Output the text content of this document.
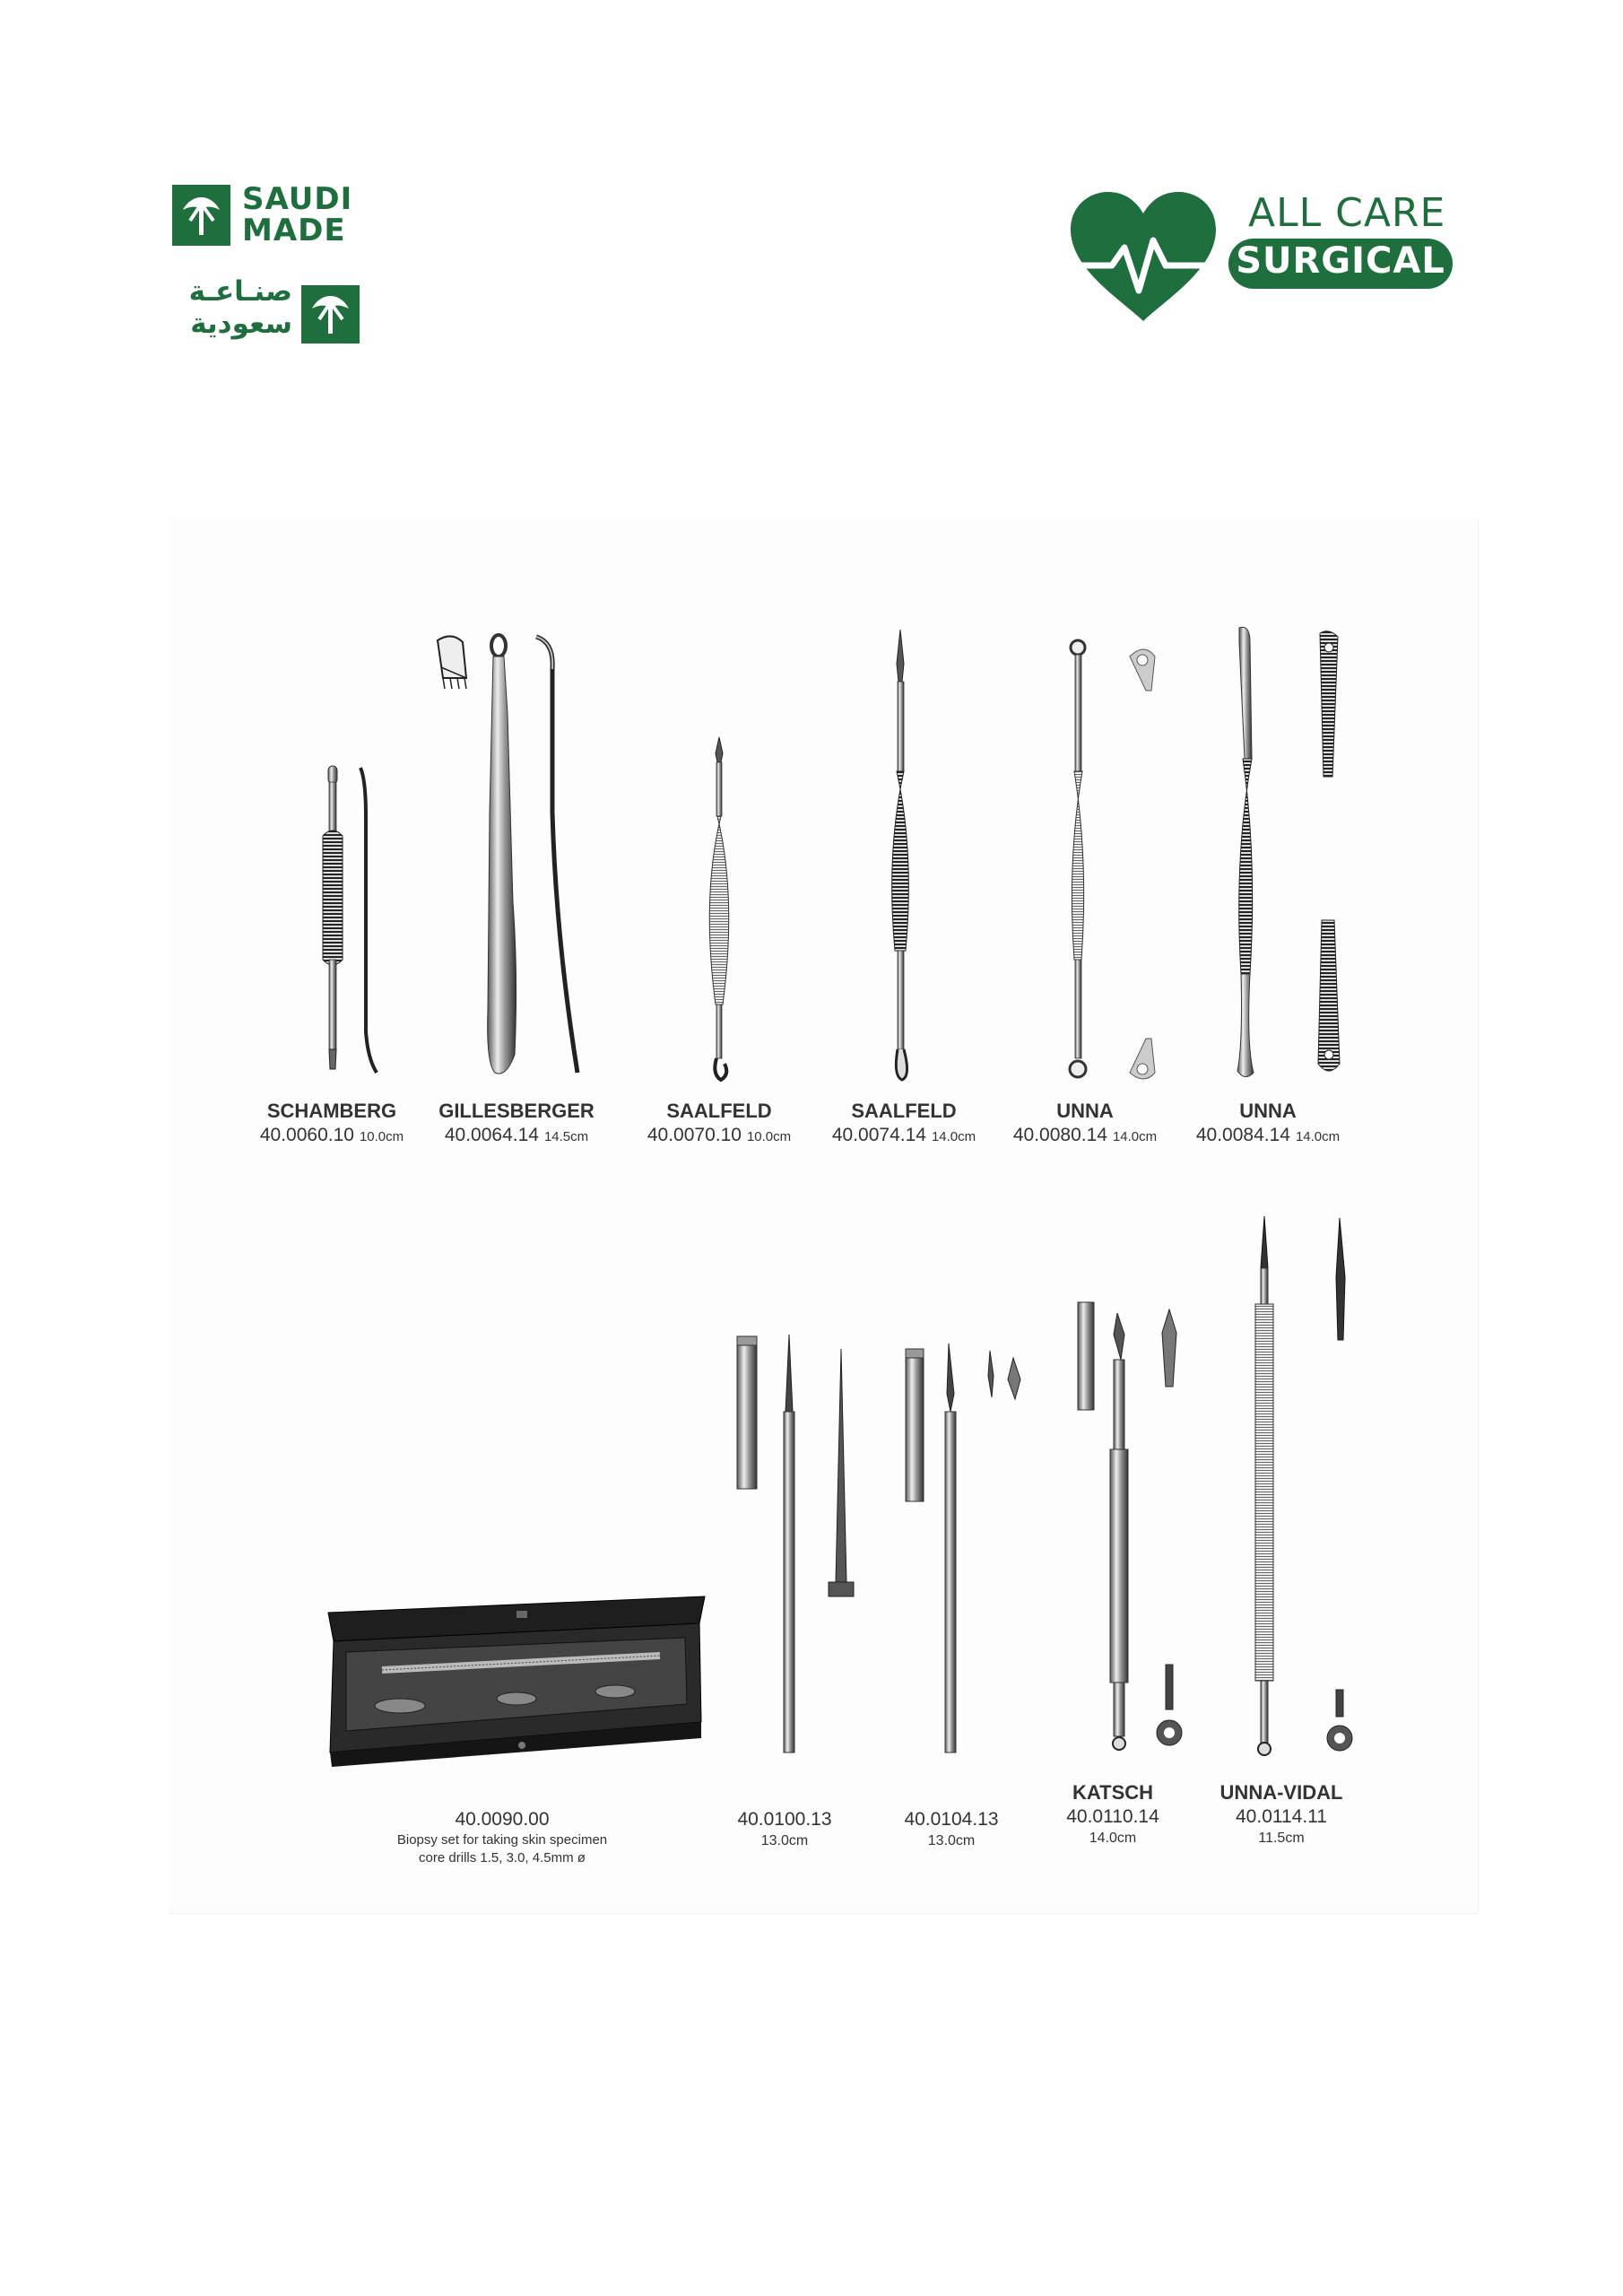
SAUDI
MADE
صنـاعـة
سعودية
ALL CARE
SURGICAL
SCHAMBERG
40.0060.10 10.0cm
GILLESBERGER
40.0064.14 14.5cm
SAALFELD
40.0070.10 10.0cm
SAALFELD
40.0074.14 14.0cm
UNNA
40.0080.14 14.0cm
UNNA
40.0084.14 14.0cm
40.0090.00
Biopsy set for taking skin specimen
core drills 1.5, 3.0, 4.5mm ø
40.0100.13
13.0cm
40.0104.13
13.0cm
KATSCH
40.0110.14
14.0cm
UNNA-VIDAL
40.0114.11
11.5cm
